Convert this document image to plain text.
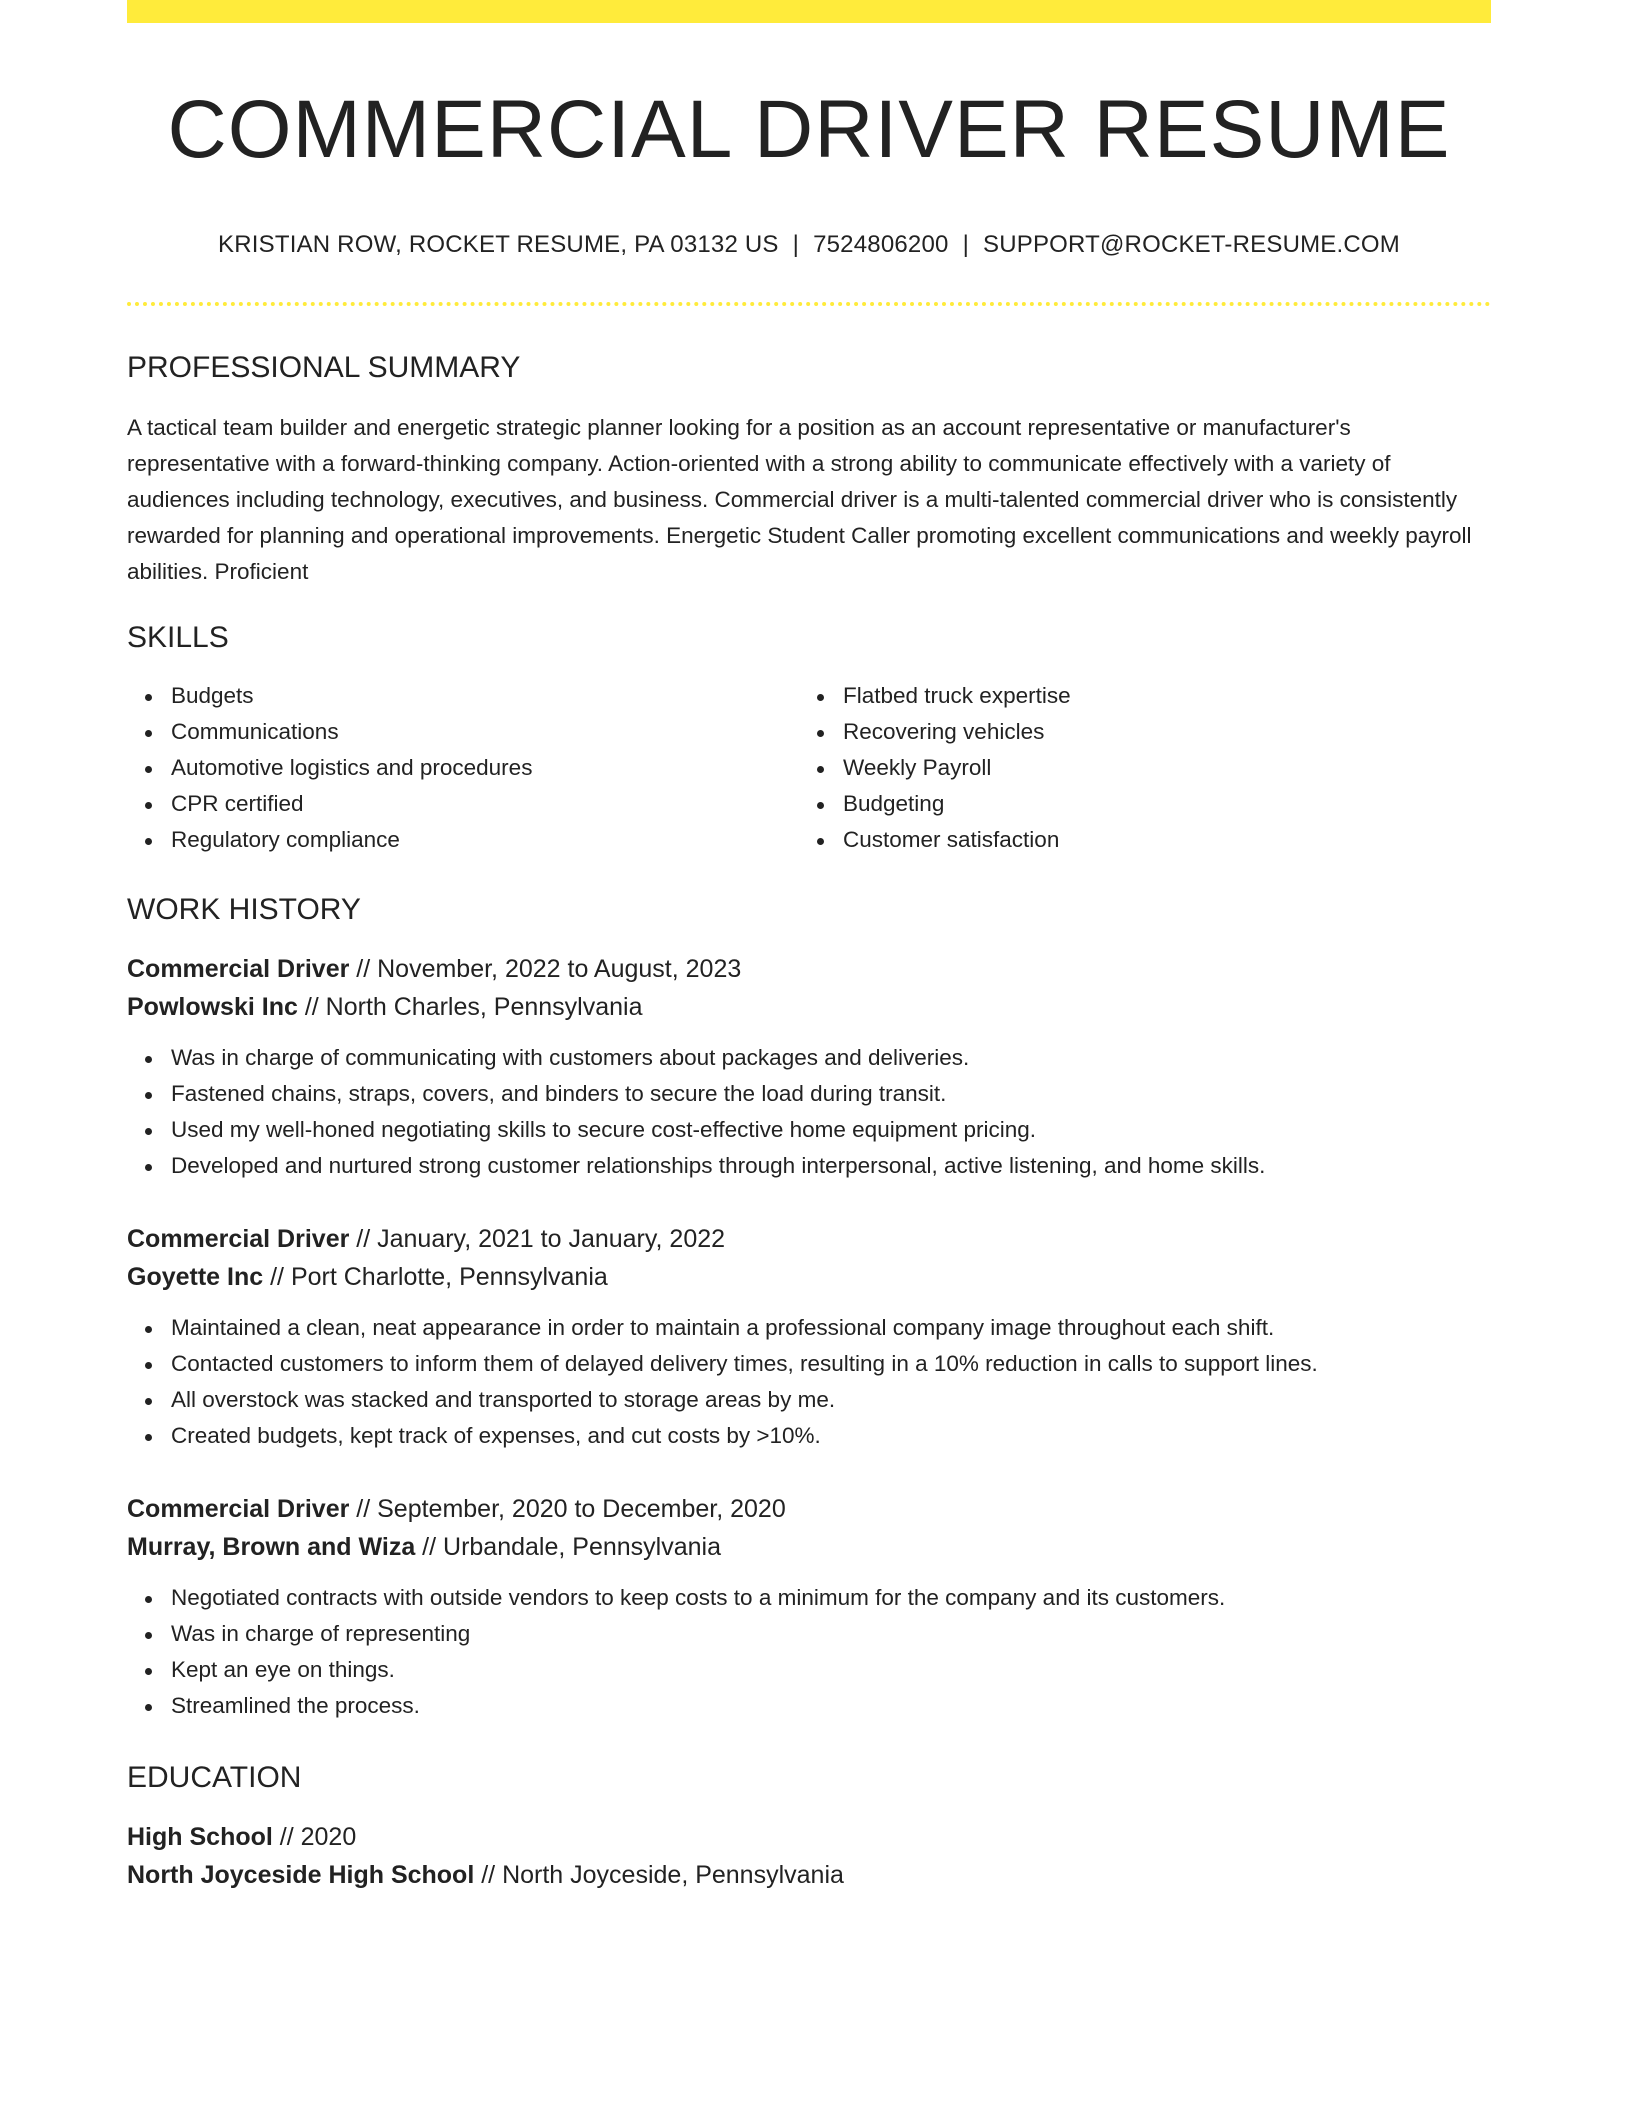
COMMERCIAL DRIVER RESUME
KRISTIAN ROW, ROCKET RESUME, PA 03132 US | 7524806200 | SUPPORT@ROCKET-RESUME.COM
PROFESSIONAL SUMMARY

A tactical team builder and energetic strategic planner looking for a position as an account representative or manufacturer's representative with a forward-thinking company. Action-oriented with a strong ability to communicate effectively with a variety of audiences including technology, executives, and business. Commercial driver is a multi-talented commercial driver who is consistently rewarded for planning and operational improvements. Energetic Student Caller promoting excellent communications and weekly payroll abilities. Proficient

SKILLS
Budgets
Communications
Automotive logistics and procedures
CPR certified
Regulatory compliance
Flatbed truck expertise
Recovering vehicles
Weekly Payroll
Budgeting
Customer satisfaction
WORK HISTORY
Commercial Driver // November, 2022 to August, 2023
Powlowski Inc // North Charles, Pennsylvania
Was in charge of communicating with customers about packages and deliveries.
Fastened chains, straps, covers, and binders to secure the load during transit.
Used my well-honed negotiating skills to secure cost-effective home equipment pricing.
Developed and nurtured strong customer relationships through interpersonal, active listening, and home skills.
Commercial Driver // January, 2021 to January, 2022
Goyette Inc // Port Charlotte, Pennsylvania
Maintained a clean, neat appearance in order to maintain a professional company image throughout each shift.
Contacted customers to inform them of delayed delivery times, resulting in a 10% reduction in calls to support lines.
All overstock was stacked and transported to storage areas by me.
Created budgets, kept track of expenses, and cut costs by >10%.
Commercial Driver // September, 2020 to December, 2020
Murray, Brown and Wiza // Urbandale, Pennsylvania
Negotiated contracts with outside vendors to keep costs to a minimum for the company and its customers.
Was in charge of representing
Kept an eye on things.
Streamlined the process.
EDUCATION
High School // 2020
North Joyceside High School // North Joyceside, Pennsylvania
